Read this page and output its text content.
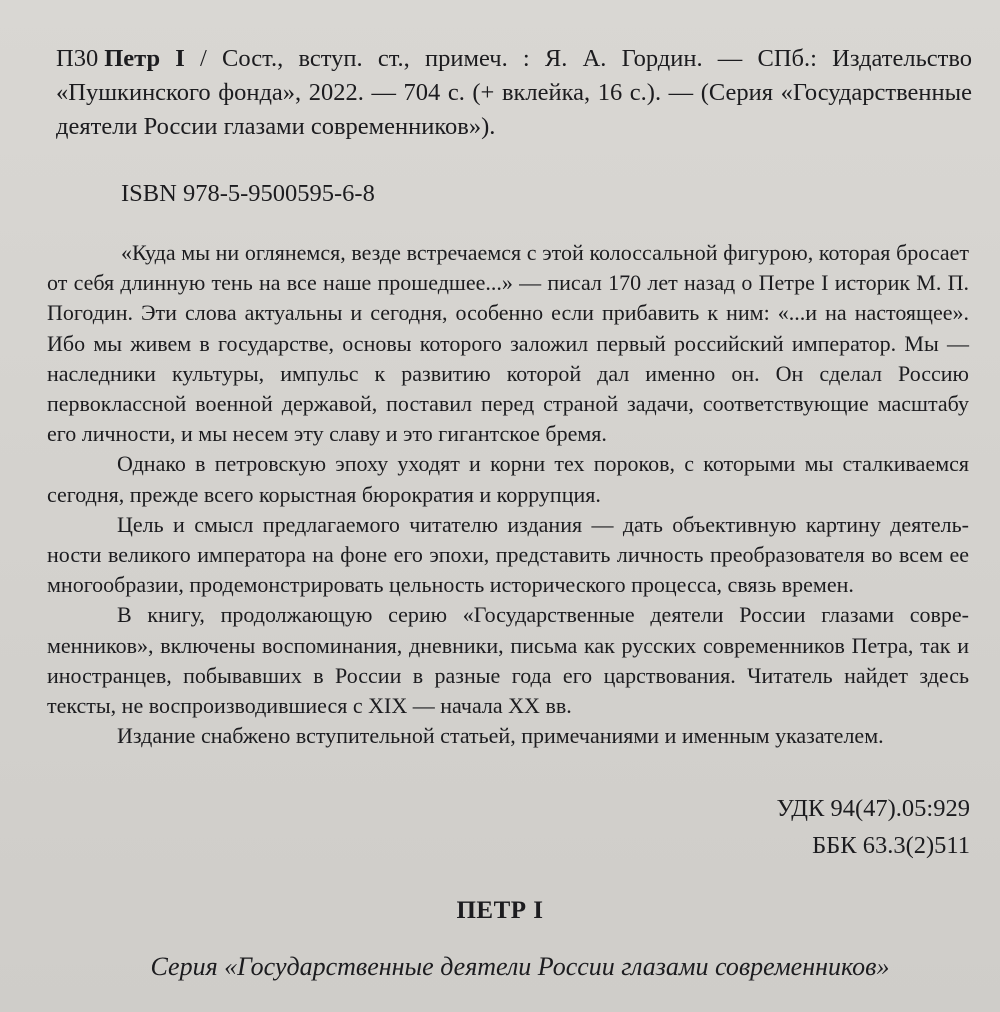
П30 Петр I / Сост., вступ. ст., примеч. : Я. А. Гордин. — СПб.: Издательство «Пушкинского фонда», 2022. — 704 с. (+ вклейка, 16 с.). — (Серия «Государственные деятели России глазами современников»).
ISBN 978-5-9500595-6-8

«Куда мы ни оглянемся, везде встречаемся с этой колоссальной фигурою, которая бросает от себя длинную тень на все наше прошедшее...» — писал 170 лет назад о Петре I историк М. П. Погодин. Эти слова актуальны и сегодня, особенно если прибавить к ним: «...и на настоящее». Ибо мы живем в государстве, основы которого заложил первый российский император. Мы — наследники культуры, импульс к развитию которой дал именно он. Он сделал Россию первоклассной военной державой, поставил перед страной задачи, соответствующие масштабу его личности, и мы несем эту славу и это гигантское бремя.

Однако в петровскую эпоху уходят и корни тех пороков, с которыми мы сталкиваемся сегодня, прежде всего корыстная бюрократия и коррупция.

Цель и смысл предлагаемого читателю издания — дать объективную картину деятельности великого императора на фоне его эпохи, представить личность преобразователя во всем ее многообразии, продемонстрировать цельность исторического процесса, связь времен.

В книгу, продолжающую серию «Государственные деятели России глазами современников», включены воспоминания, дневники, письма как русских современников Петра, так и иностранцев, побывавших в России в разные года его царствования. Читатель найдет здесь тексты, не воспроизводившиеся с XIX — начала XX вв.

Издание снабжено вступительной статьей, примечаниями и именным указателем.

УДК 94(47).05:929
ББК 63.3(2)511
ПЕТР I
Серия «Государственные деятели России глазами современников»
